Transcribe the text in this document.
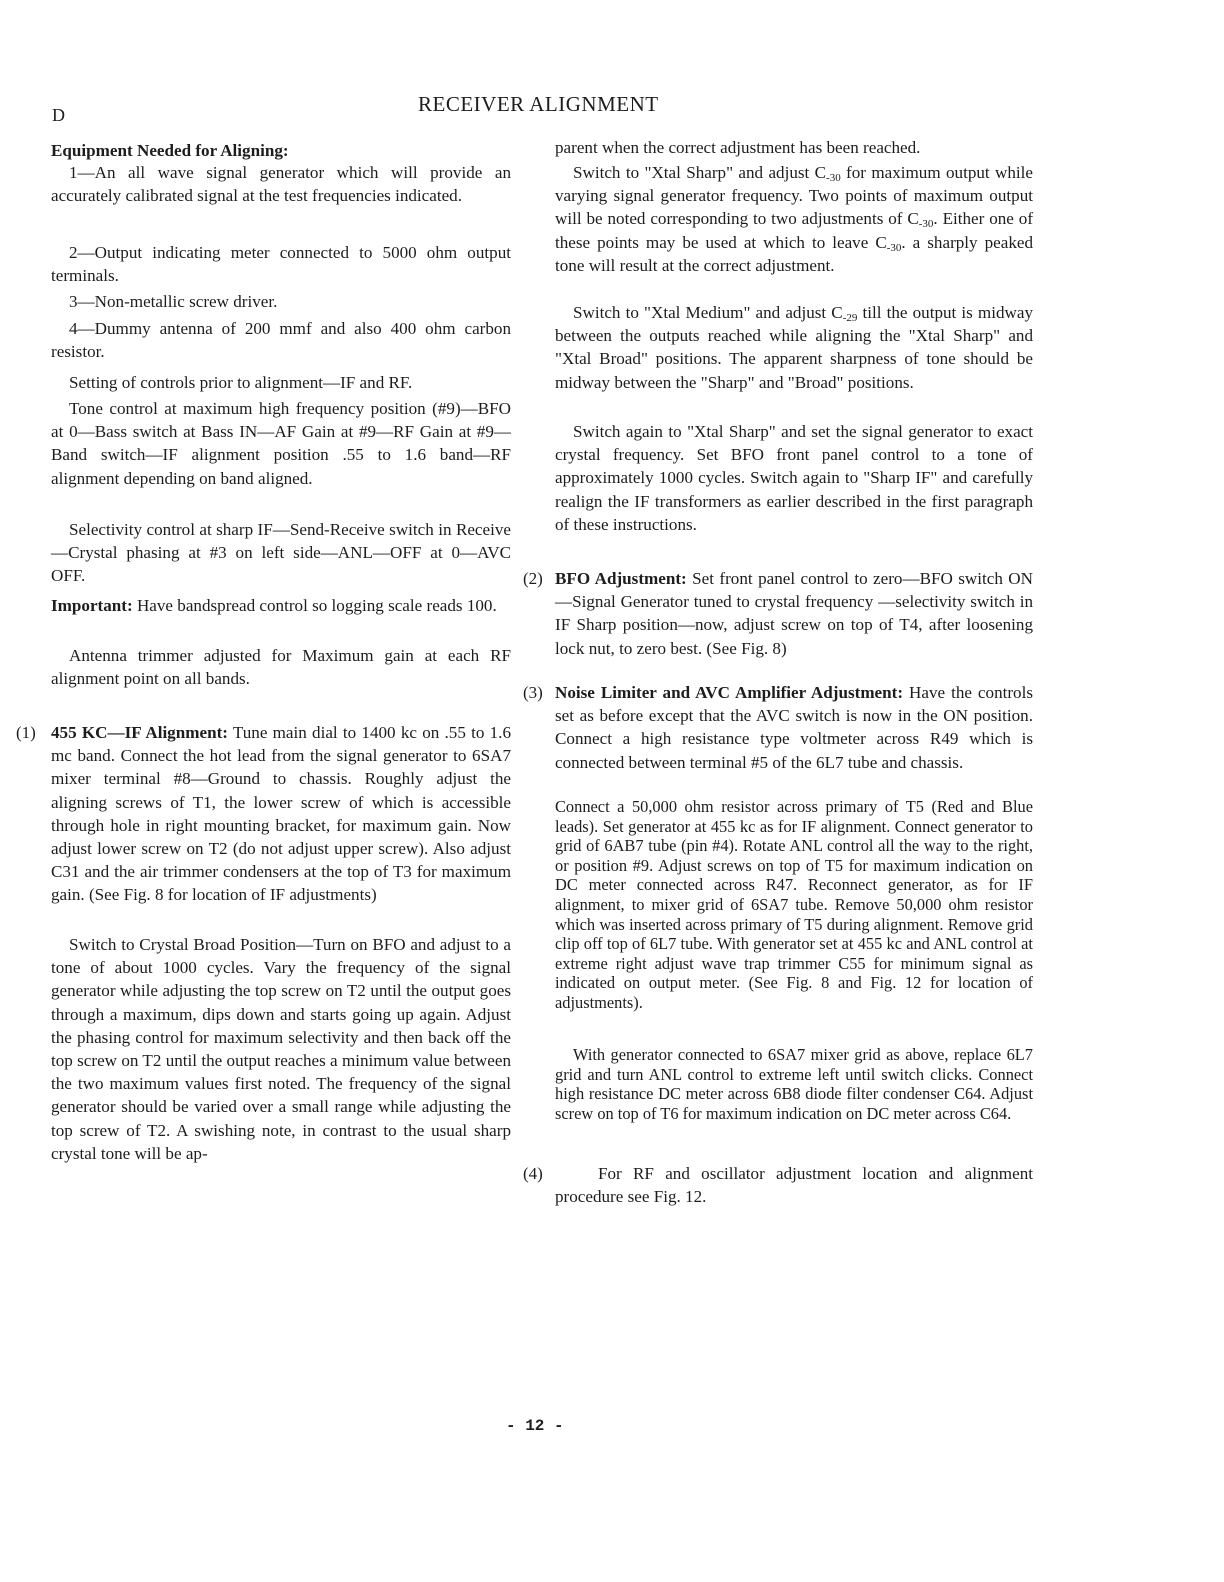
D	RECEIVER ALIGNMENT

Equipment Needed for Aligning:

1—An all wave signal generator which will provide an accurately calibrated signal at the test frequencies indicated.

2—Output indicating meter connected to 5000 ohm output terminals.

3—Non-metallic screw driver.

4—Dummy antenna of 200 mmf and also 400 ohm carbon resistor.

Setting of controls prior to alignment—IF and RF.

Tone control at maximum high frequency position (#9)—BFO at 0—Bass switch at Bass IN—AF Gain at #9—RF Gain at #9—Band switch—IF alignment position .55 to 1.6 band—RF alignment depending on band aligned.

Selectivity control at sharp IF—Send-Receive switch in Receive—Crystal phasing at #3 on left side—ANL—OFF at 0—AVC OFF.

Important: Have bandspread control so logging scale reads 100.

Antenna trimmer adjusted for Maximum gain at each RF alignment point on all bands.

(1) 455 KC—IF Alignment: Tune main dial to 1400 kc on .55 to 1.6 mc band. Connect the hot lead from the signal generator to 6SA7 mixer terminal #8—Ground to chassis. Roughly adjust the aligning screws of T1, the lower screw of which is accessible through hole in right mounting bracket, for maximum gain. Now adjust lower screw on T2 (do not adjust upper screw). Also adjust C31 and the air trimmer condensers at the top of T3 for maximum gain. (See Fig. 8 for location of IF adjustments)

Switch to Crystal Broad Position—Turn on BFO and adjust to a tone of about 1000 cycles. Vary the frequency of the signal generator while adjusting the top screw on T2 until the output goes through a maximum, dips down and starts going up again. Adjust the phasing control for maximum selectivity and then back off the top screw on T2 until the output reaches a minimum value between the two maximum values first noted. The frequency of the signal generator should be varied over a small range while adjusting the top screw of T2. A swishing note, in contrast to the usual sharp crystal tone will be ap-

parent when the correct adjustment has been reached.

Switch to "Xtal Sharp" and adjust $C_{-30}$ for maximum output while varying signal generator frequency. Two points of maximum output will be noted corresponding to two adjustments of $C_{-30}$. Either one of these points may be used at which to leave $C_{-30}$. a sharply peaked tone will result at the correct adjustment.

Switch to "Xtal Medium" and adjust $C_{-29}$ till the output is midway between the outputs reached while aligning the "Xtal Sharp" and "Xtal Broad" positions. The apparent sharpness of tone should be midway between the "Sharp" and "Broad" positions.

Switch again to "Xtal Sharp" and set the signal generator to exact crystal frequency. Set BFO front panel control to a tone of approximately 1000 cycles. Switch again to "Sharp IF" and carefully realign the IF transformers as earlier described in the first paragraph of these instructions.

(2) BFO Adjustment: Set front panel control to zero—BFO switch ON—Signal Generator tuned to crystal frequency —selectivity switch in IF Sharp position—now, adjust screw on top of T4, after loosening lock nut, to zero best. (See Fig. 8)

(3) Noise Limiter and AVC Amplifier Adjustment: Have the controls set as before except that the AVC switch is now in the ON position. Connect a high resistance type voltmeter across R49 which is connected between terminal #5 of the 6L7 tube and chassis.

Connect a 50,000 ohm resistor across primary of T5 (Red and Blue leads). Set generator at 455 kc as for IF alignment. Connect generator to grid of 6AB7 tube (pin #4). Rotate ANL control all the way to the right, or position #9. Adjust screws on top of T5 for maximum indication on DC meter connected across R47. Reconnect generator, as for IF alignment, to mixer grid of 6SA7 tube. Remove 50,000 ohm resistor which was inserted across primary of T5 during alignment. Remove grid clip off top of 6L7 tube. With generator set at 455 kc and ANL control at extreme right adjust wave trap trimmer C55 for minimum signal as indicated on output meter. (See Fig. 8 and Fig. 12 for location of adjustments).

With generator connected to 6SA7 mixer grid as above, replace 6L7 grid and turn ANL control to extreme left until switch clicks. Connect high resistance DC meter across 6B8 diode filter condenser C64. Adjust screw on top of T6 for maximum indication on DC meter across C64.

(4)	For RF and oscillator adjustment location and alignment procedure see Fig. 12.

- 12 -
